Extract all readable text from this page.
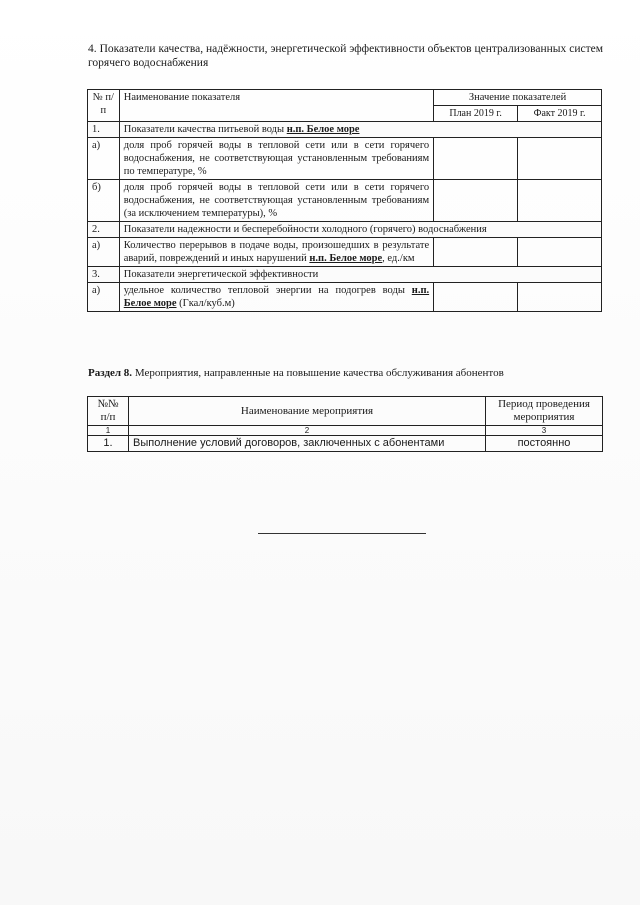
4. Показатели качества, надёжности, энергетической эффективности объектов централизованных систем горячего водоснабжения
№ п/п	Наименование показателя	Значение показателей	
		План 2019 г.	Факт 2019 г.
1.	Показатели качества питьевой воды н.п. Белое море		
а)	доля проб горячей воды в тепловой сети или в сети горячего водоснабжения, не соответствующая установленным требованиям по температуре, %		
б)	доля проб горячей воды в тепловой сети или в сети горячего водоснабжения, не соответствующая установленным требованиям (за исключением температуры), %		
2.	Показатели надежности и бесперебойности холодного (горячего) водоснабжения		
а)	Количество перерывов в подаче воды, произошедших в результате аварий, повреждений и иных нарушений н.п. Белое море, ед./км		
3.	Показатели энергетической эффективности		
а)	удельное количество тепловой энергии на подогрев воды н.п. Белое море (Гкал/куб.м)		
Раздел 8. Мероприятия, направленные на повышение качества обслуживания абонентов
№№ п/п	Наименование мероприятия	Период проведения мероприятия
1	2	3
1.	Выполнение условий договоров, заключенных с абонентами	постоянно
